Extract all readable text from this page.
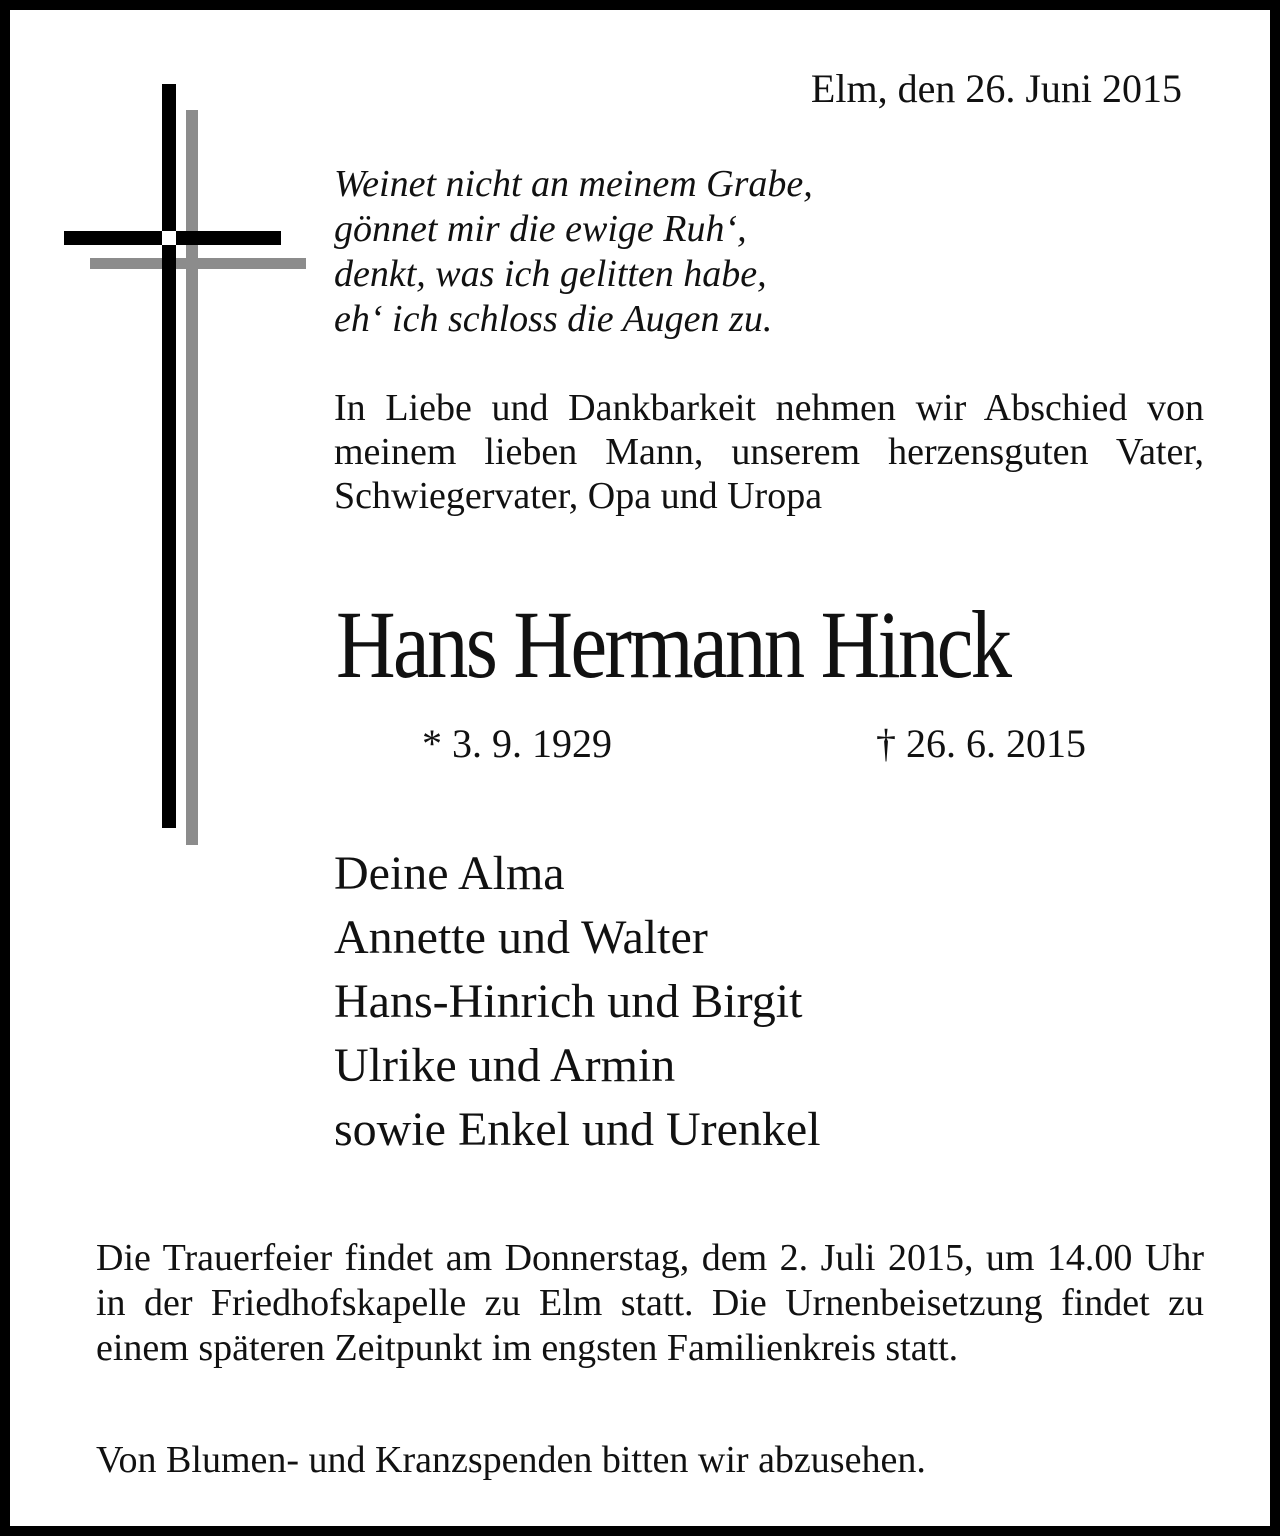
Elm, den 26. Juni 2015
Weinet nicht an meinem Grabe,
gönnet mir die ewige Ruh‘,
denkt, was ich gelitten habe,
eh‘ ich schloss die Augen zu.
In Liebe und Dankbarkeit nehmen wir Abschied von meinem lieben Mann, unserem herzensguten Vater, Schwiegervater, Opa und Uropa
Hans Hermann Hinck
* 3. 9. 1929	† 26. 6. 2015
Deine Alma
Annette und Walter
Hans-Hinrich und Birgit
Ulrike und Armin
sowie Enkel und Urenkel
Die Trauerfeier findet am Donnerstag, dem 2. Juli 2015, um 14.00 Uhr in der Friedhofskapelle zu Elm statt. Die Urnenbeisetzung findet zu einem späteren Zeitpunkt im engsten Familienkreis statt.
Von Blumen- und Kranzspenden bitten wir abzusehen.
